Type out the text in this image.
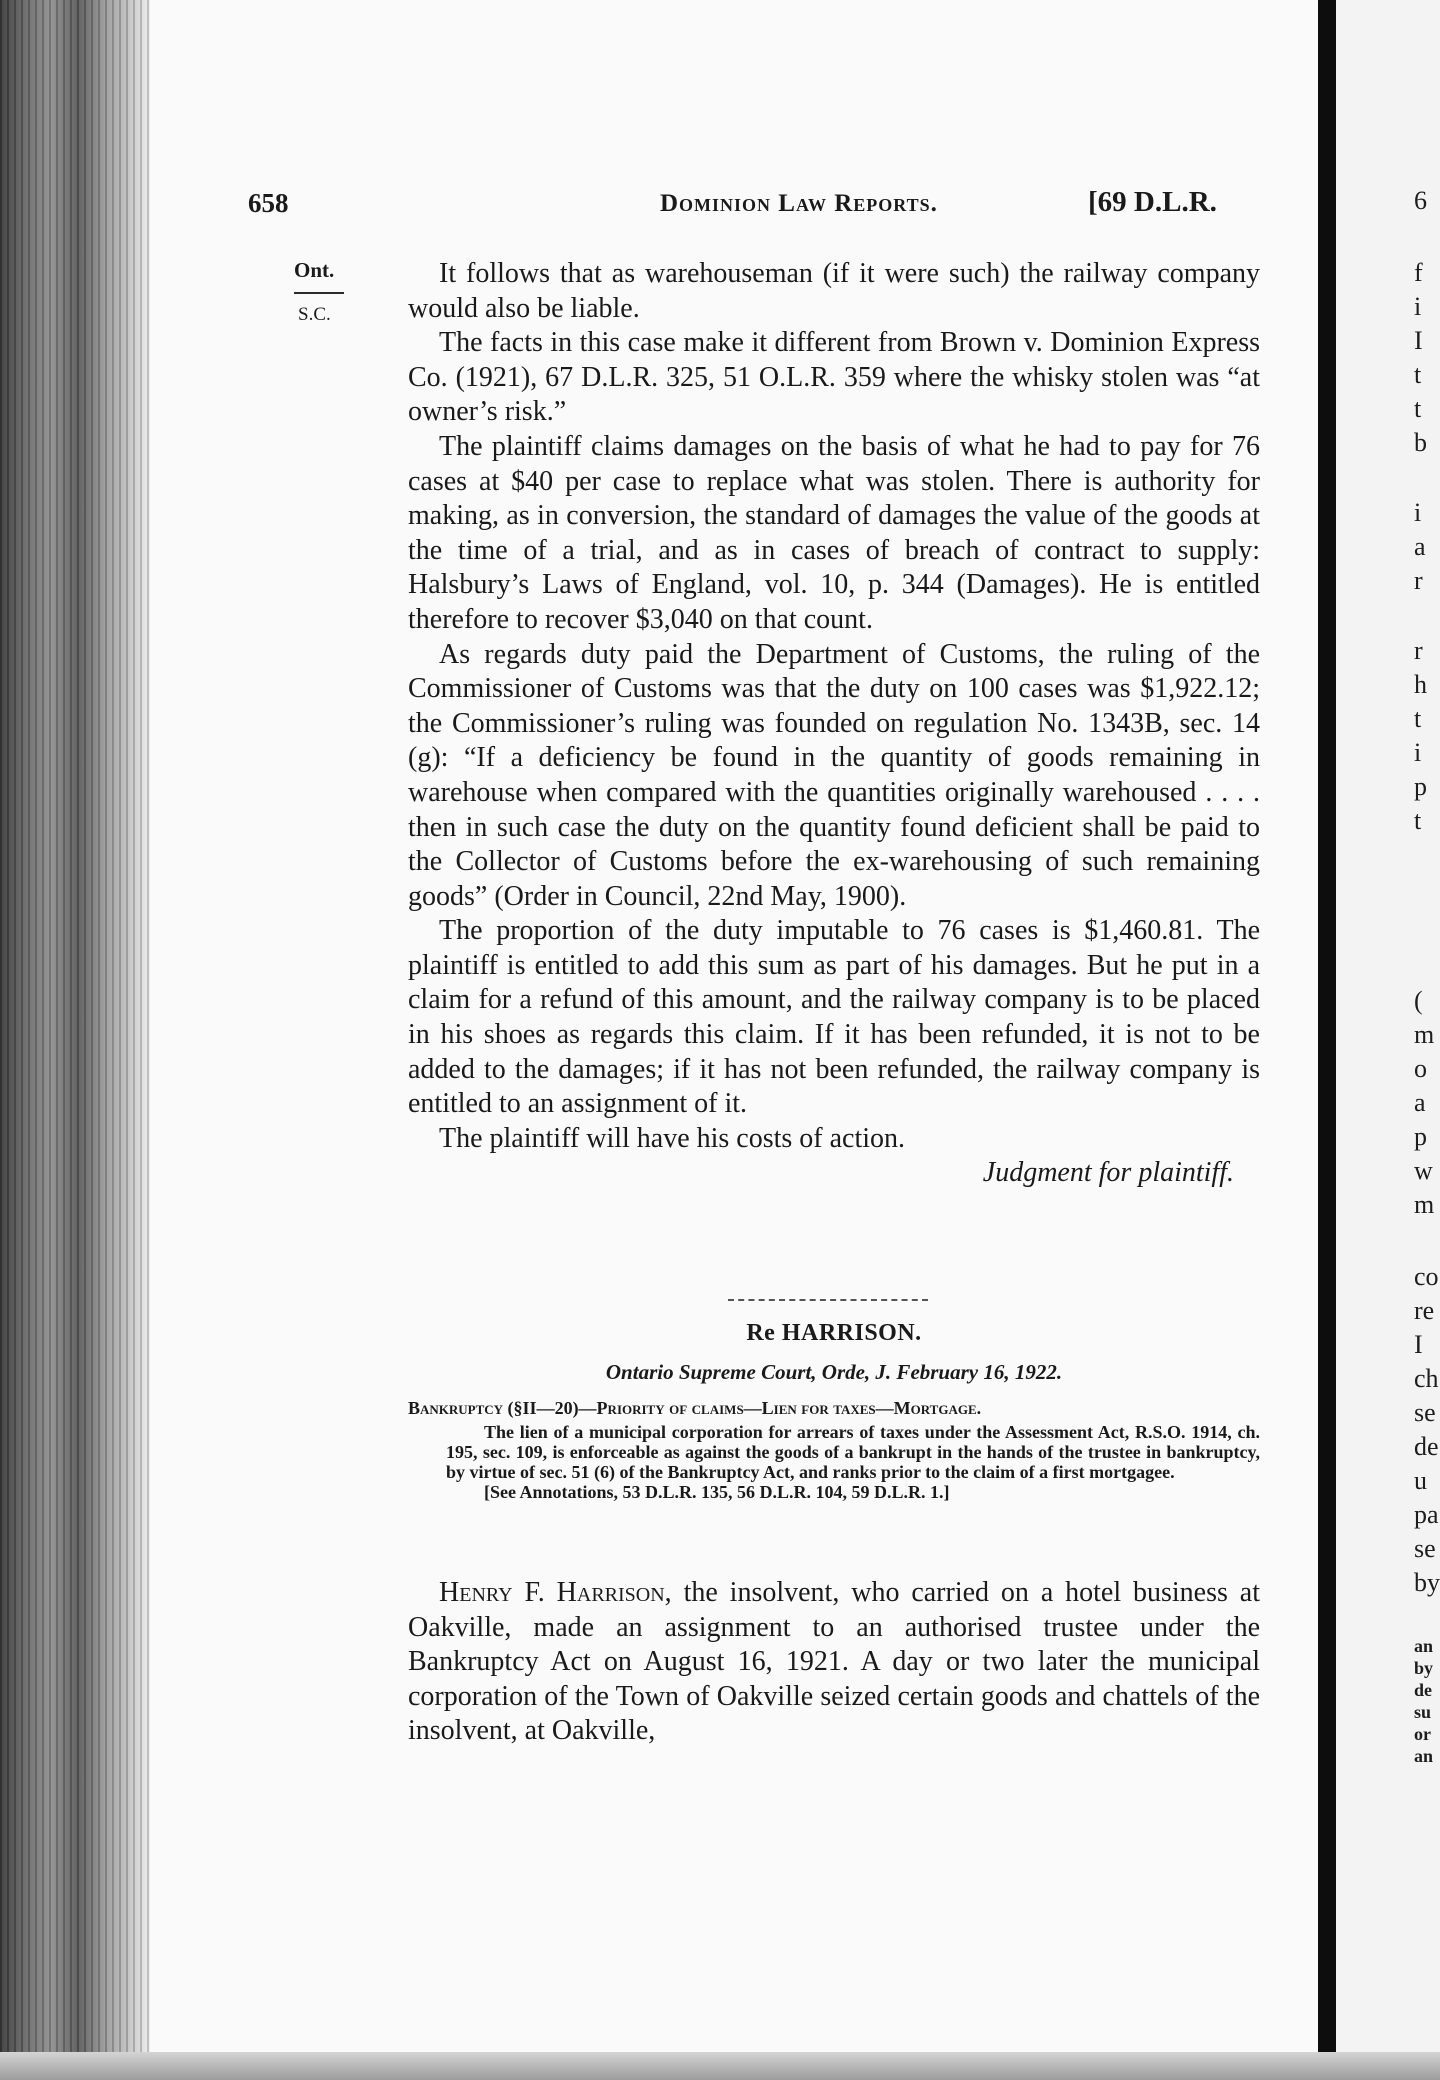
6
f
i
I
t
t
b
i
a
r
r
h
t
i
p
t
(
m
o
a
p
w
m
co
re
I
ch
se
de
u
pa
se
by
an
by
de
su
or
an
658	Dominion Law Reports.	[69 D.L.R.
Ont.
S.C.

It follows that as warehouseman (if it were such) the railway company would also be liable.

The facts in this case make it different from Brown v. Dominion Express Co. (1921), 67 D.L.R. 325, 51 O.L.R. 359 where the whisky stolen was “at owner’s risk.”

The plaintiff claims damages on the basis of what he had to pay for 76 cases at $40 per case to replace what was stolen. There is authority for making, as in conversion, the standard of damages the value of the goods at the time of a trial, and as in cases of breach of contract to supply: Halsbury’s Laws of England, vol. 10, p. 344 (Damages). He is entitled therefore to recover $3,040 on that count.

As regards duty paid the Department of Customs, the ruling of the Commissioner of Customs was that the duty on 100 cases was $1,922.12; the Commissioner’s ruling was founded on regulation No. 1343B, sec. 14 (g): “If a deficiency be found in the quantity of goods remaining in warehouse when compared with the quantities originally warehoused . . . . then in such case the duty on the quantity found deficient shall be paid to the Collector of Customs before the ex-warehousing of such remaining goods” (Order in Council, 22nd May, 1900).

The proportion of the duty imputable to 76 cases is $1,460.81. The plaintiff is entitled to add this sum as part of his damages. But he put in a claim for a refund of this amount, and the railway company is to be placed in his shoes as regards this claim. If it has been refunded, it is not to be added to the damages; if it has not been refunded, the railway company is entitled to an assignment of it.

The plaintiff will have his costs of action.

Judgment for plaintiff.

Re HARRISON.
Ontario Supreme Court, Orde, J. February 16, 1922.

Bankruptcy (§II—20)—Priority of claims—Lien for taxes—Mortgage.

The lien of a municipal corporation for arrears of taxes under the Assessment Act, R.S.O. 1914, ch. 195, sec. 109, is enforceable as against the goods of a bankrupt in the hands of the trustee in bankruptcy, by virtue of sec. 51 (6) of the Bankruptcy Act, and ranks prior to the claim of a first mortgagee.

[See Annotations, 53 D.L.R. 135, 56 D.L.R. 104, 59 D.L.R. 1.]

Henry F. Harrison, the insolvent, who carried on a hotel business at Oakville, made an assignment to an authorised trustee under the Bankruptcy Act on August 16, 1921. A day or two later the municipal corporation of the Town of Oakville seized certain goods and chattels of the insolvent, at Oakville,
